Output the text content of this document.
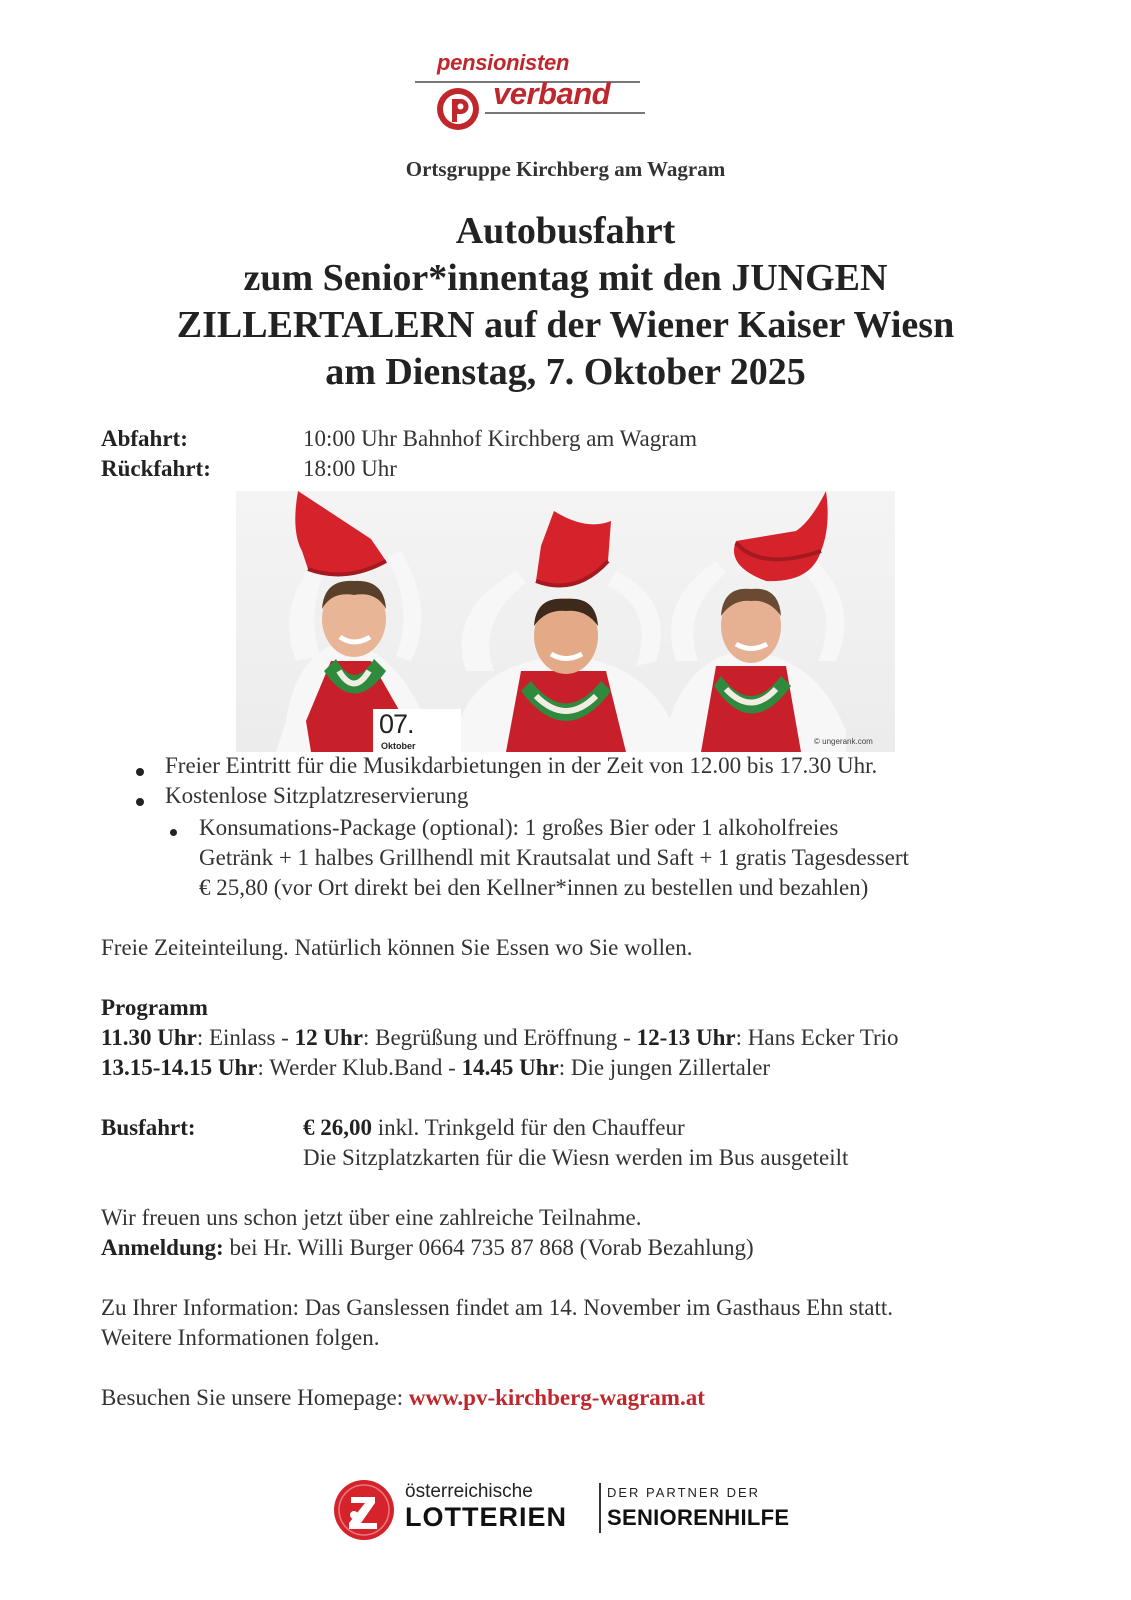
pensionisten
verband
Ortsgruppe Kirchberg am Wagram
Autobusfahrt
zum Senior*innentag mit den JUNGEN
ZILLERTALERN auf der Wiener Kaiser Wiesn
am Dienstag, 7. Oktober 2025
Abfahrt:	10:00 Uhr Bahnhof Kirchberg am Wagram
Rückfahrt:	18:00 Uhr
07.
Oktober	© ungerank.com
Freier Eintritt für die Musikdarbietungen in der Zeit von 12.00 bis 17.30 Uhr.
Kostenlose Sitzplatzreservierung
Konsumations-Package (optional): 1 großes Bier oder 1 alkoholfreies
Getränk + 1 halbes Grillhendl mit Krautsalat und Saft + 1 gratis Tagesdessert
€ 25,80 (vor Ort direkt bei den Kellner*innen zu bestellen und bezahlen)
Freie Zeiteinteilung. Natürlich können Sie Essen wo Sie wollen.
Programm
11.30 Uhr: Einlass - 12 Uhr: Begrüßung und Eröffnung - 12-13 Uhr: Hans Ecker Trio
13.15-14.15 Uhr: Werder Klub.Band - 14.45 Uhr: Die jungen Zillertaler
Busfahrt:	€ 26,00 inkl. Trinkgeld für den Chauffeur
Die Sitzplatzkarten für die Wiesn werden im Bus ausgeteilt
Wir freuen uns schon jetzt über eine zahlreiche Teilnahme.
Anmeldung: bei Hr. Willi Burger 0664 735 87 868 (Vorab Bezahlung)
Zu Ihrer Information: Das Ganslessen findet am 14. November im Gasthaus Ehn statt.
Weitere Informationen folgen.
Besuchen Sie unsere Homepage: www.pv-kirchberg-wagram.at
österreichische
LOTTERIEN
DER PARTNER DER
SENIORENHILFE
